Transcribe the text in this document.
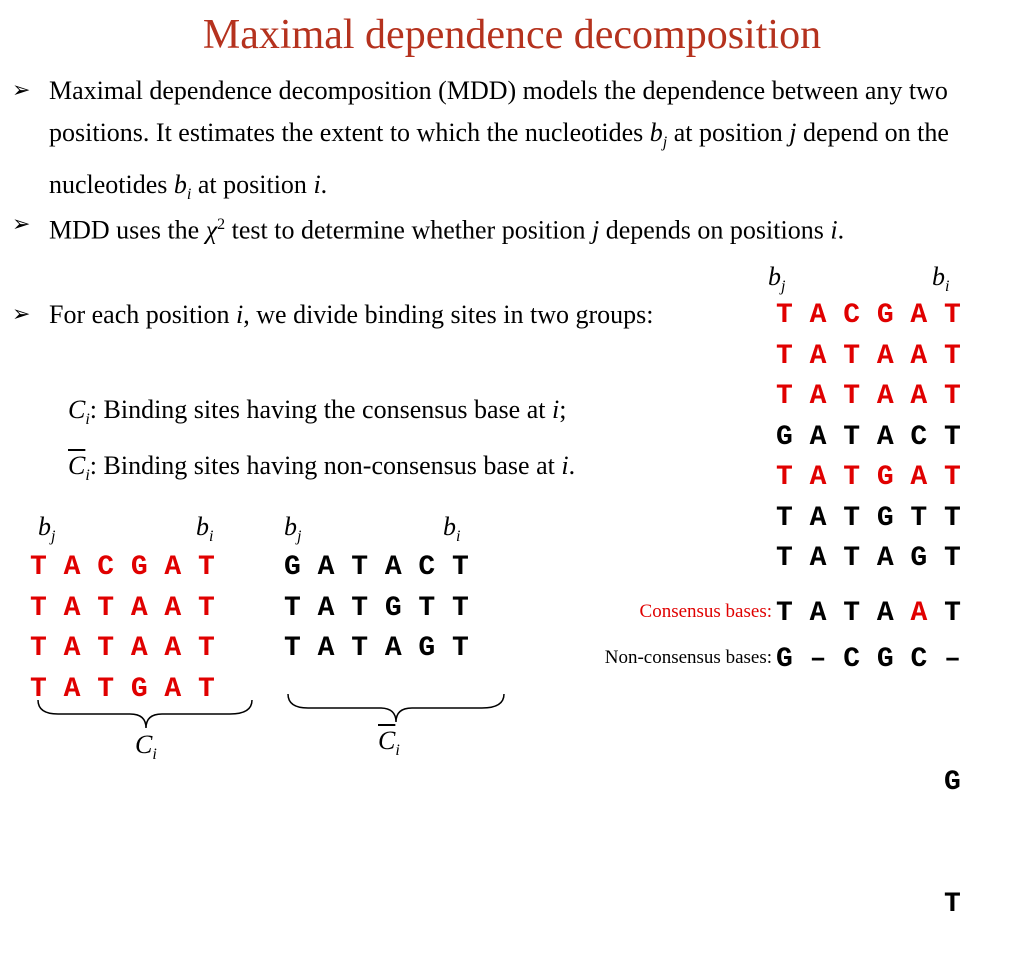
Maximal dependence decomposition
➢ Maximal dependence decomposition (MDD) models the dependence between any two positions. It estimates the extent to which the nucleotides $b_j$ at position j depend on the nucleotides $b_i$ at position i.
➢ MDD uses the $\chi^2$ test to determine whether position j depends on positions i.
➢ For each position i, we divide binding sites in two groups:
$C_i$: Binding sites having the consensus base at i;
$\overline{C}_i$: Binding sites having non-consensus base at i.
$b_j$	$b_i$
T A C G A T
T A T A A T
T A T A A T
G A T A C T
T A T G A T
T A T G T T
T A T A G T
Consensus bases: T A T A A T
Non-consensus bases: G – C G C –

G

T

$b_j$	$b_i$
T A C G A T
T A T A A T
T A T A A T
T A T G A T
$b_j$	$b_i$
G A T A C T
T A T G T T
T A T A G T
$C_i$	$\overline{C}_i$
